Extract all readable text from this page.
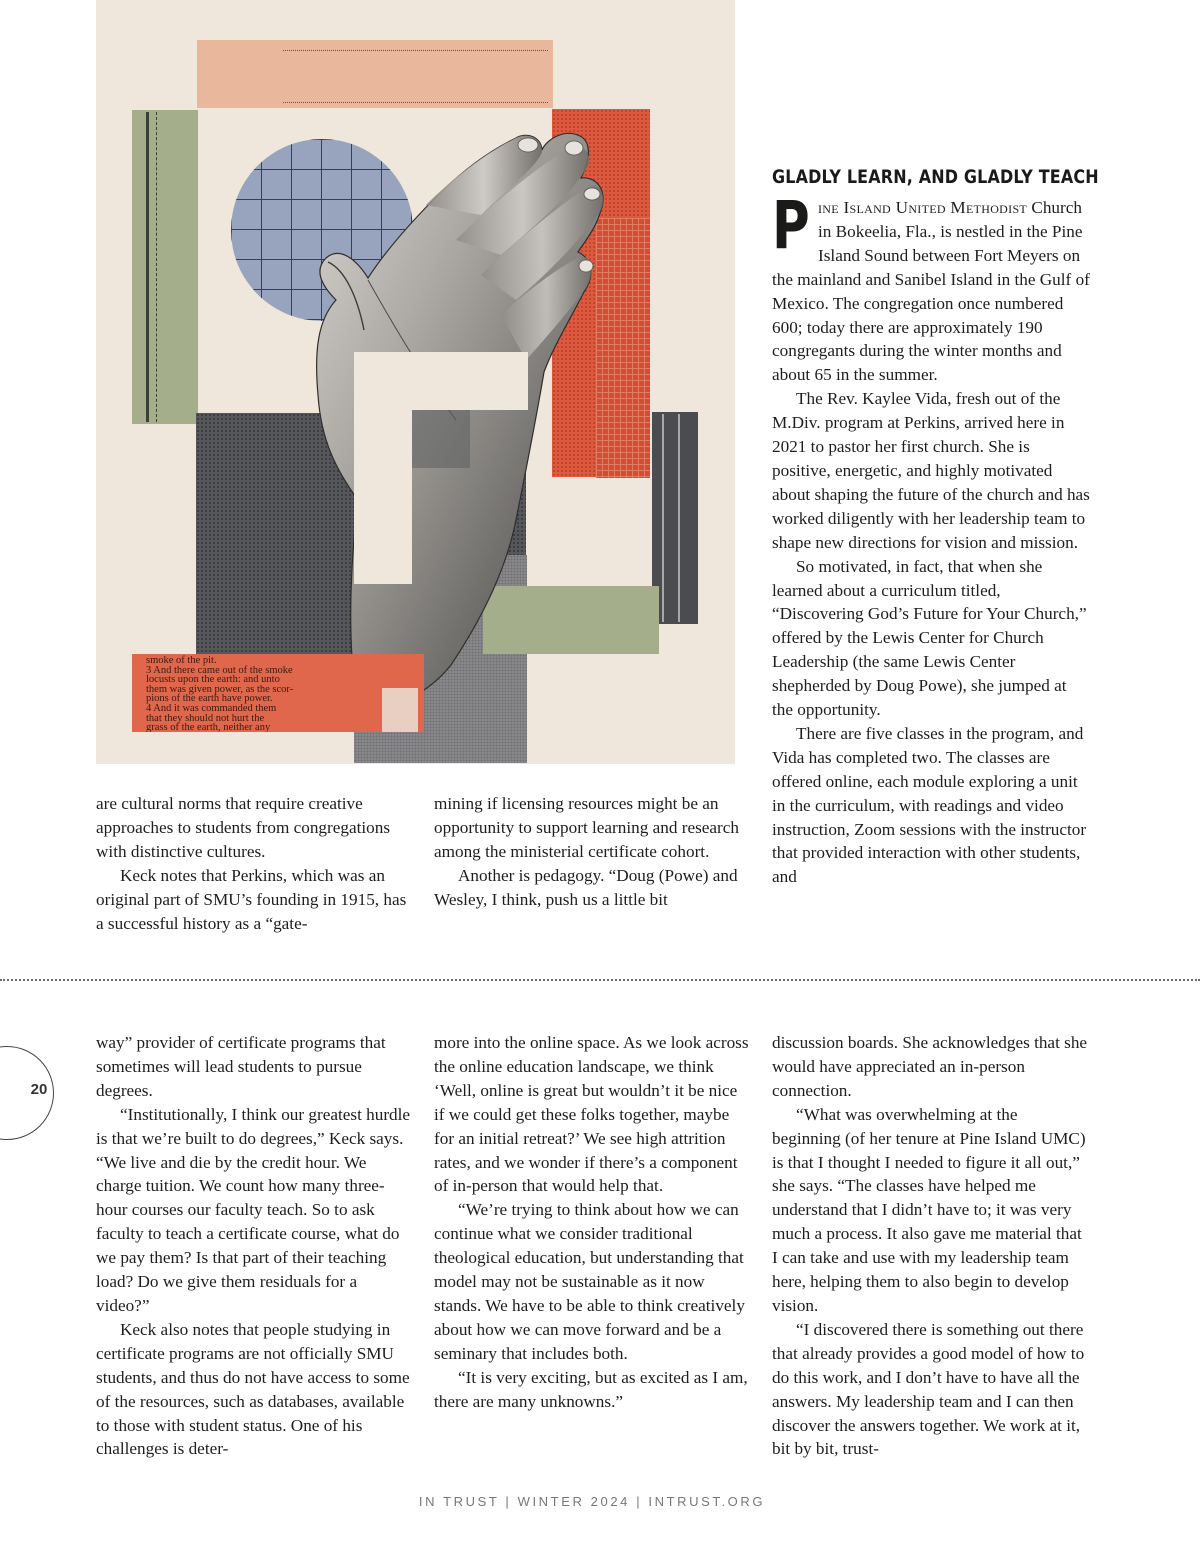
smoke of the pit.
3 And there came out of the smoke
locusts upon the earth: and unto
them was given power, as the scor-
pions of the earth have power.
4 And it was commanded them
that they should not hurt the
grass of the earth, neither any
GLADLY LEARN, AND GLADLY TEACH

Pine Island United Methodist Church in Bokeelia, Fla., is nestled in the Pine Island Sound between Fort Meyers on the mainland and Sanibel Island in the Gulf of Mexico. The congregation once numbered 600; today there are approximately 190 congregants during the winter months and about 65 in the summer.

The Rev. Kaylee Vida, fresh out of the M.Div. program at Perkins, arrived here in 2021 to pastor her first church. She is positive, energetic, and highly motivated about shaping the future of the church and has worked diligently with her leadership team to shape new directions for vision and mission.

So motivated, in fact, that when she learned about a curriculum titled, “Discovering God’s Future for Your Church,” offered by the Lewis Center for Church Leadership (the same Lewis Center shepherded by Doug Powe), she jumped at the opportunity.

There are five classes in the program, and Vida has completed two. The classes are offered online, each module exploring a unit in the curriculum, with readings and video instruction, Zoom sessions with the instructor that provided interaction with other students, and

are cultural norms that require creative approaches to students from congregations with distinctive cultures.

Keck notes that Perkins, which was an original part of SMU’s founding in 1915, has a successful history as a “gate-

mining if licensing resources might be an opportunity to support learning and research among the ministerial certificate cohort.

Another is pedagogy. “Doug (Powe) and Wesley, I think, push us a little bit

20

way” provider of certificate programs that sometimes will lead students to pursue degrees.

“Institutionally, I think our greatest hurdle is that we’re built to do degrees,” Keck says. “We live and die by the credit hour. We charge tuition. We count how many three-hour courses our faculty teach. So to ask faculty to teach a certificate course, what do we pay them? Is that part of their teaching load? Do we give them residuals for a video?”

Keck also notes that people studying in certificate programs are not officially SMU students, and thus do not have access to some of the resources, such as databases, available to those with student status. One of his challenges is deter-

more into the online space. As we look across the online education landscape, we think ‘Well, online is great but wouldn’t it be nice if we could get these folks together, maybe for an initial retreat?’ We see high attrition rates, and we wonder if there’s a component of in-person that would help that.

“We’re trying to think about how we can continue what we consider traditional theological education, but understanding that model may not be sustainable as it now stands. We have to be able to think creatively about how we can move forward and be a seminary that includes both.

“It is very exciting, but as excited as I am, there are many unknowns.”

discussion boards. She acknowledges that she would have appreciated an in-person connection.

“What was overwhelming at the beginning (of her tenure at Pine Island UMC) is that I thought I needed to figure it all out,” she says. “The classes have helped me understand that I didn’t have to; it was very much a process. It also gave me material that I can take and use with my leadership team here, helping them to also begin to develop vision.

“I discovered there is something out there that already provides a good model of how to do this work, and I don’t have to have all the answers. My leadership team and I can then discover the answers together. We work at it, bit by bit, trust-

IN TRUST | WINTER 2024 | INTRUST.ORG
